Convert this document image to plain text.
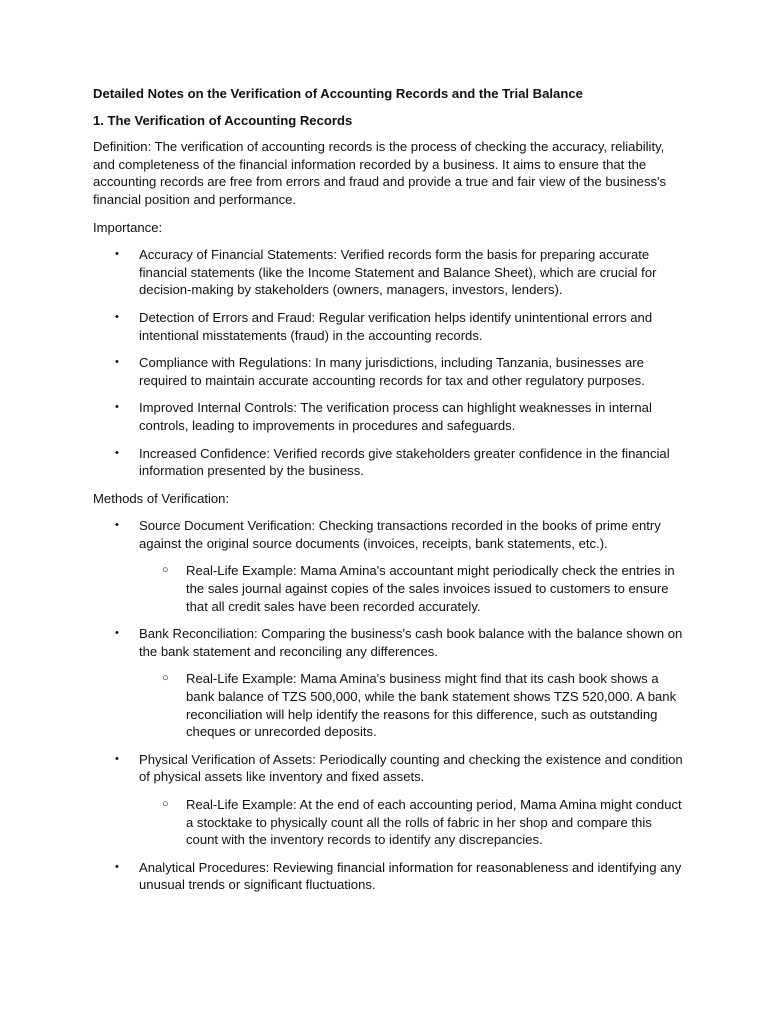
Detailed Notes on the Verification of Accounting Records and the Trial Balance
1. The Verification of Accounting Records

Definition: The verification of accounting records is the process of checking the accuracy, reliability, and completeness of the financial information recorded by a business. It aims to ensure that the accounting records are free from errors and fraud and provide a true and fair view of the business's financial position and performance.

Importance:

• Accuracy of Financial Statements: Verified records form the basis for preparing accurate financial statements (like the Income Statement and Balance Sheet), which are crucial for decision-making by stakeholders (owners, managers, investors, lenders).
• Detection of Errors and Fraud: Regular verification helps identify unintentional errors and intentional misstatements (fraud) in the accounting records.
• Compliance with Regulations: In many jurisdictions, including Tanzania, businesses are required to maintain accurate accounting records for tax and other regulatory purposes.
• Improved Internal Controls: The verification process can highlight weaknesses in internal controls, leading to improvements in procedures and safeguards.
• Increased Confidence: Verified records give stakeholders greater confidence in the financial information presented by the business.

Methods of Verification:

• Source Document Verification: Checking transactions recorded in the books of prime entry against the original source documents (invoices, receipts, bank statements, etc.).
○ Real-Life Example: Mama Amina's accountant might periodically check the entries in the sales journal against copies of the sales invoices issued to customers to ensure that all credit sales have been recorded accurately.
• Bank Reconciliation: Comparing the business's cash book balance with the balance shown on the bank statement and reconciling any differences.
○ Real-Life Example: Mama Amina's business might find that its cash book shows a bank balance of TZS 500,000, while the bank statement shows TZS 520,000. A bank reconciliation will help identify the reasons for this difference, such as outstanding cheques or unrecorded deposits.
• Physical Verification of Assets: Periodically counting and checking the existence and condition of physical assets like inventory and fixed assets.
○ Real-Life Example: At the end of each accounting period, Mama Amina might conduct a stocktake to physically count all the rolls of fabric in her shop and compare this count with the inventory records to identify any discrepancies.
• Analytical Procedures: Reviewing financial information for reasonableness and identifying any unusual trends or significant fluctuations.
